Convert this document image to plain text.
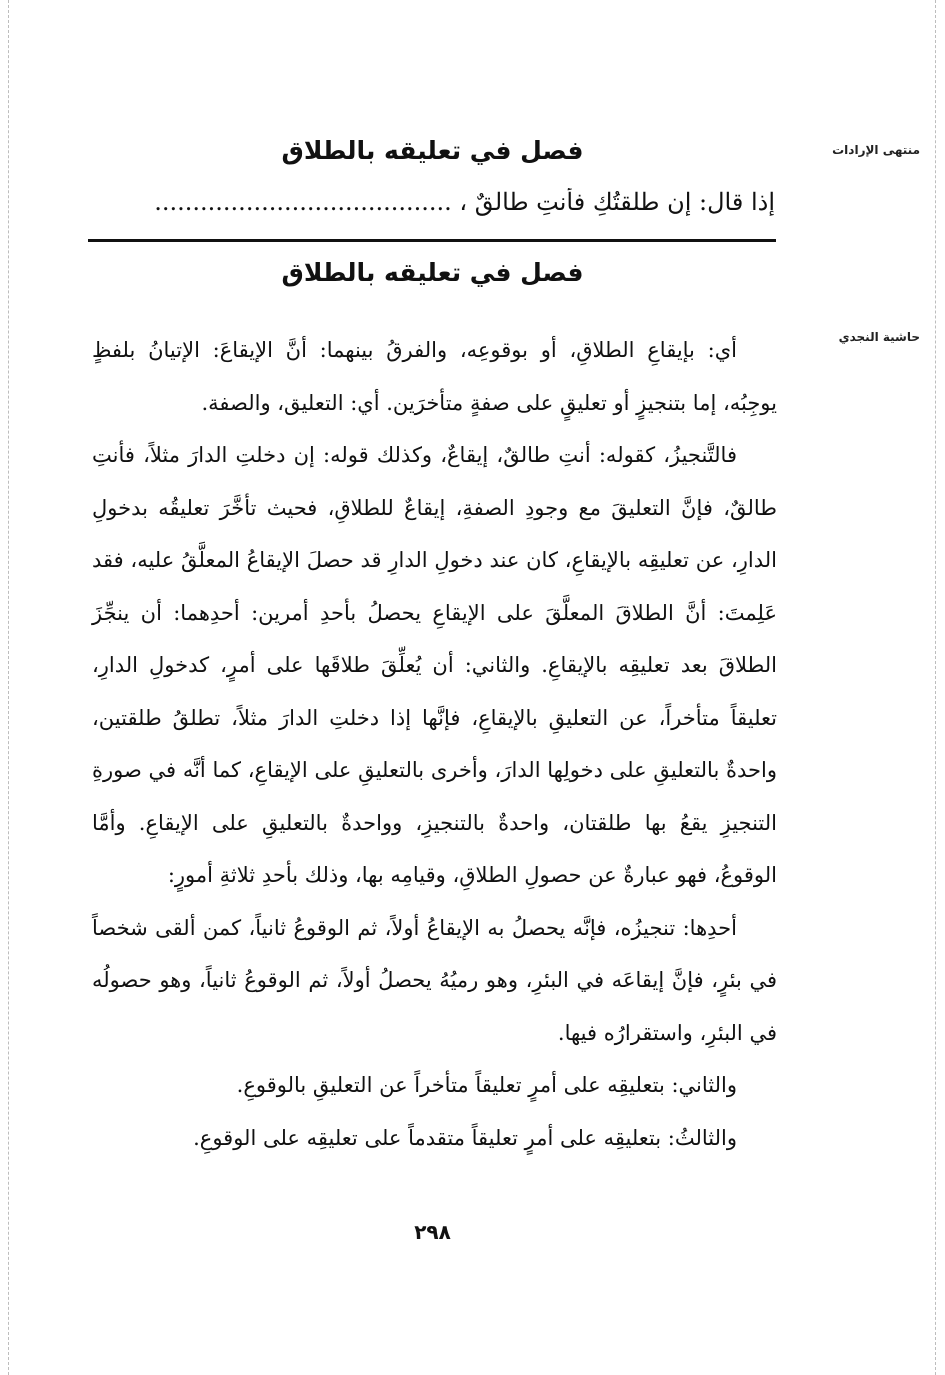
منتهى الإرادات
فصل في تعليقه بالطلاق
إذا قال: إن طلقتُكِ فأنتِ طالقٌ ، .......................................
فصل في تعليقه بالطلاق
حاشية النجدي

أي: بإيقاعِ الطلاقِ، أو بوقوعِه، والفرقُ بينهما: أنَّ الإيقاعَ: الإتيانُ بلفظٍ يوجِبُه، إما بتنجيزٍ أو تعليقٍ على صفةٍ متأخرَين. أي: التعليق، والصفة.

فالتَّنجيزُ، كقوله: أنتِ طالقٌ، إيقاعٌ، وكذلك قوله: إن دخلتِ الدارَ مثلاً، فأنتِ طالقٌ، فإنَّ التعليقَ مع وجودِ الصفةِ، إيقاعٌ للطلاقِ، فحيث تأخَّرَ تعليقُه بدخولِ الدارِ، عن تعليقِه بالإيقاعِ، كان عند دخولِ الدارِ قد حصلَ الإيقاعُ المعلَّقُ عليه، فقد عَلِمتَ: أنَّ الطلاقَ المعلَّقَ على الإيقاعِ يحصلُ بأحدِ أمرين: أحدِهما: أن ينجِّزَ الطلاقَ بعد تعليقِه بالإيقاعِ. والثاني: أن يُعلِّقَ طلاقَها على أمرٍ، كدخولِ الدارِ، تعليقاً متأخراً، عن التعليقِ بالإيقاعِ، فإنَّها إذا دخلتِ الدارَ مثلاً، تطلقُ طلقتين، واحدةٌ بالتعليقِ على دخولِها الدارَ، وأخرى بالتعليقِ على الإيقاعِ، كما أنَّه في صورةِ التنجيزِ يقعُ بها طلقتان، واحدةٌ بالتنجيزِ، وواحدةٌ بالتعليقِ على الإيقاعِ. وأمَّا الوقوعُ، فهو عبارةٌ عن حصولِ الطلاقِ، وقيامِه بها، وذلك بأحدِ ثلاثةِ أمورٍ:

أحدِها: تنجيزُه، فإنَّه يحصلُ به الإيقاعُ أولاً، ثم الوقوعُ ثانياً، كمن ألقى شخصاً في بئرٍ، فإنَّ إيقاعَه في البئرِ، وهو رميُهُ يحصلُ أولاً، ثم الوقوعُ ثانياً، وهو حصولُه في البئرِ، واستقرارُه فيها.

والثاني: بتعليقِه على أمرٍ تعليقاً متأخراً عن التعليقِ بالوقوعِ.

والثالثُ: بتعليقِه على أمرٍ تعليقاً متقدماً على تعليقِه على الوقوعِ.

٢٩٨
